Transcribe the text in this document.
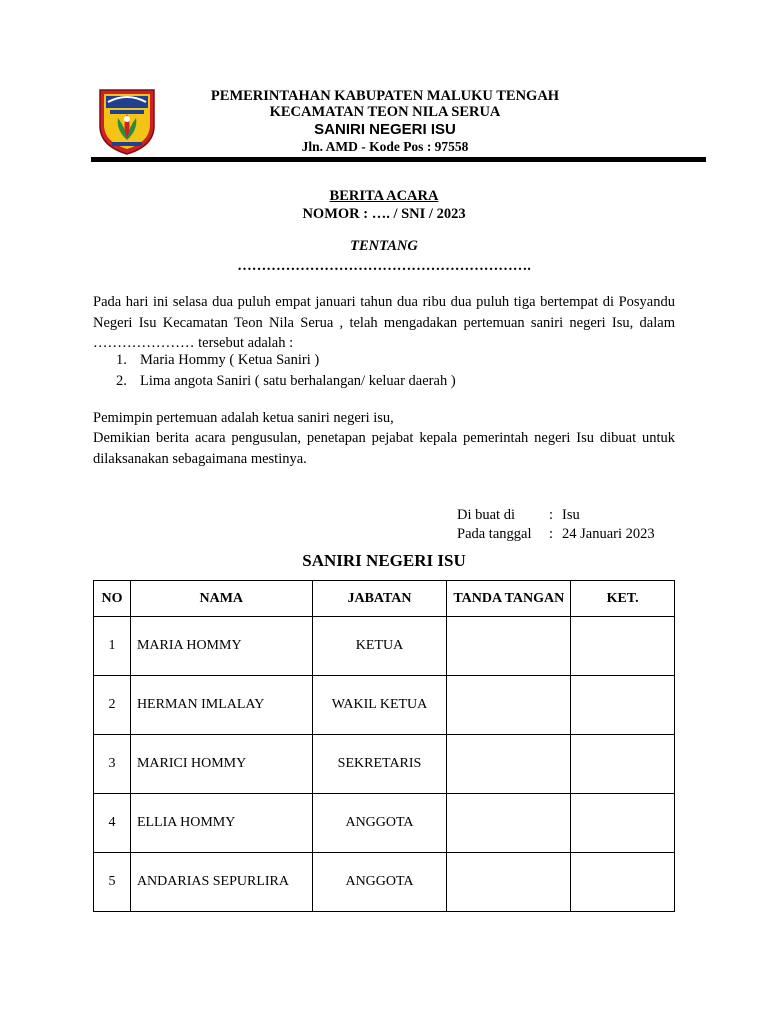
PEMERINTAHAN KABUPATEN MALUKU TENGAH
KECAMATAN TEON NILA SERUA
SANIRI NEGERI ISU
Jln. AMD - Kode Pos : 97558
BERITA ACARA
NOMOR : …. / SNI / 2023
TENTANG
…………………………………………………….
Pada hari ini selasa dua puluh empat januari tahun dua ribu dua puluh tiga bertempat di Posyandu Negeri Isu Kecamatan Teon Nila Serua , telah mengadakan pertemuan saniri negeri Isu, dalam ………………… tersebut adalah :
1. Maria Hommy ( Ketua Saniri )
2. Lima angota Saniri ( satu berhalangan/ keluar daerah )
Pemimpin pertemuan adalah ketua saniri negeri isu,
Demikian berita acara pengusulan, penetapan pejabat kepala pemerintah negeri Isu dibuat untuk dilaksanakan sebagaimana mestinya.
Di buat di : Isu
Pada tanggal : 24 Januari 2023
SANIRI NEGERI ISU
NO	NAMA	JABATAN	TANDA TANGAN	KET.
1	MARIA HOMMY	KETUA		
2	HERMAN IMLALAY	WAKIL KETUA		
3	MARICI HOMMY	SEKRETARIS		
4	ELLIA HOMMY	ANGGOTA		
5	ANDARIAS SEPURLIRA	ANGGOTA		
